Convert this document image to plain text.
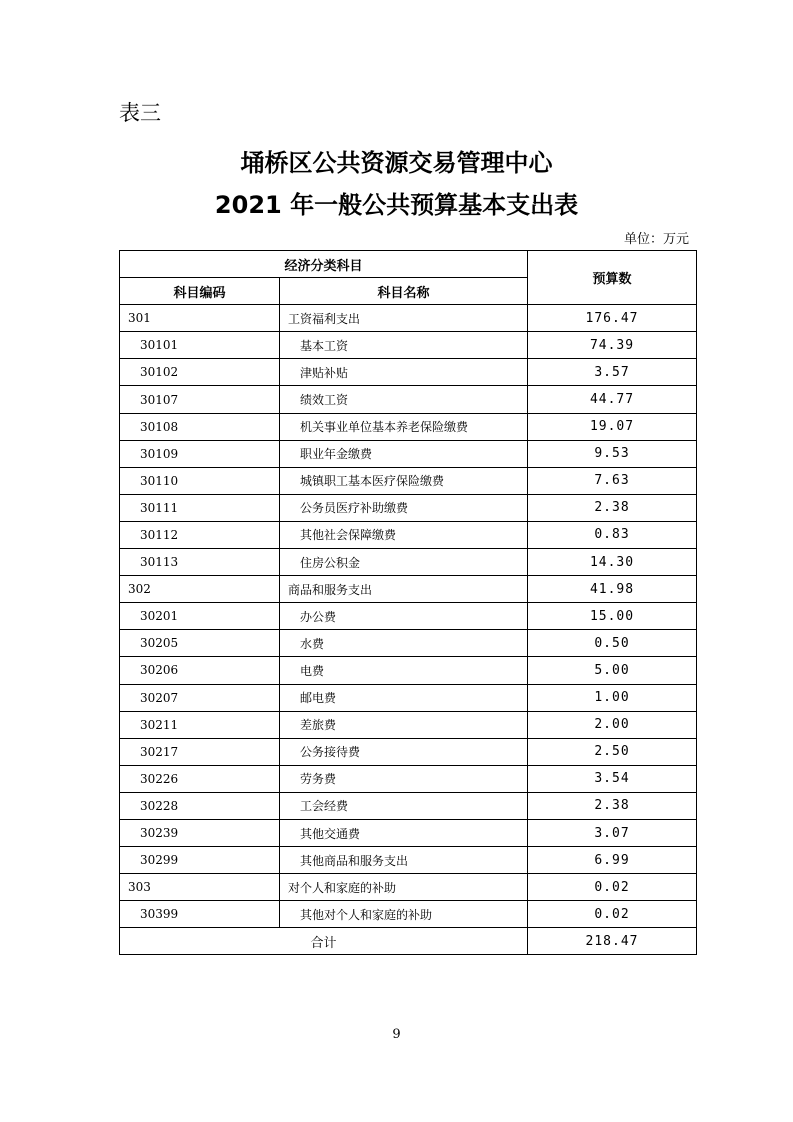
表三
埇桥区公共资源交易管理中心
2021 年一般公共预算基本支出表
单位：万元
经济分类科目		预算数
科目编码	科目名称	
301	工资福利支出	176.47
30101	基本工资	74.39
30102	津贴补贴	3.57
30107	绩效工资	44.77
30108	机关事业单位基本养老保险缴费	19.07
30109	职业年金缴费	9.53
30110	城镇职工基本医疗保险缴费	7.63
30111	公务员医疗补助缴费	2.38
30112	其他社会保障缴费	0.83
30113	住房公积金	14.30
302	商品和服务支出	41.98
30201	办公费	15.00
30205	水费	0.50
30206	电费	5.00
30207	邮电费	1.00
30211	差旅费	2.00
30217	公务接待费	2.50
30226	劳务费	3.54
30228	工会经费	2.38
30239	其他交通费	3.07
30299	其他商品和服务支出	6.99
303	对个人和家庭的补助	0.02
30399	其他对个人和家庭的补助	0.02
合计		218.47
9
